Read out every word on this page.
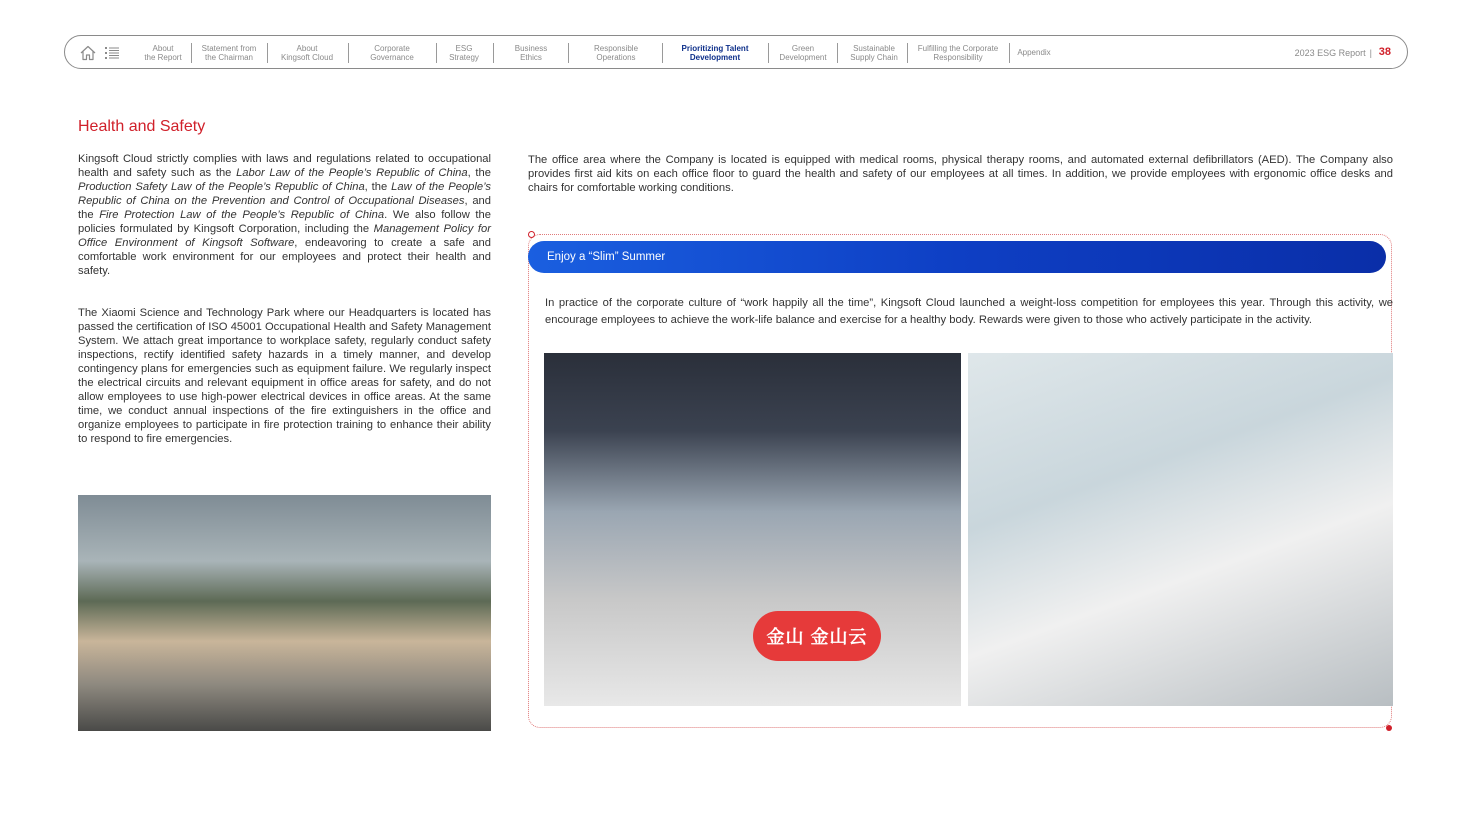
About
the Report
Statement from
the Chairman
About
Kingsoft Cloud
Corporate
Governance
ESG
Strategy
Business
Ethics
Responsible
Operations
Prioritizing Talent
Development
Green
Development
Sustainable
Supply Chain
Fulfilling the Corporate
Responsibility
Appendix	2023 ESG Report | 38
Health and Safety

Kingsoft Cloud strictly complies with laws and regulations related to occupational health and safety such as the Labor Law of the People’s Republic of China, the Production Safety Law of the People’s Republic of China, the Law of the People’s Republic of China on the Prevention and Control of Occupational Diseases, and the Fire Protection Law of the People’s Republic of China. We also follow the policies formulated by Kingsoft Corporation, including the Management Policy for Office Environment of Kingsoft Software, endeavoring to create a safe and comfortable work environment for our employees and protect their health and safety.

The Xiaomi Science and Technology Park where our Headquarters is located has passed the certification of ISO 45001 Occupational Health and Safety Management System. We attach great importance to workplace safety, regularly conduct safety inspections, rectify identified safety hazards in a timely manner, and develop contingency plans for emergencies such as equipment failure. We regularly inspect the electrical circuits and relevant equipment in office areas for safety, and do not allow employees to use high-power electrical devices in office areas. At the same time, we conduct annual inspections of the fire extinguishers in the office and organize employees to participate in fire protection training to enhance their ability to respond to fire emergencies.

The office area where the Company is located is equipped with medical rooms, physical therapy rooms, and automated external defibrillators (AED). The Company also provides first aid kits on each office floor to guard the health and safety of our employees at all times. In addition, we provide employees with ergonomic office desks and chairs for comfortable working conditions.

Enjoy a “Slim” Summer

In practice of the corporate culture of “work happily all the time”, Kingsoft Cloud launched a weight-loss competition for employees this year. Through this activity, we encourage employees to achieve the work-life balance and exercise for a healthy body. Rewards were given to those who actively participate in the activity.

金山 金山云
